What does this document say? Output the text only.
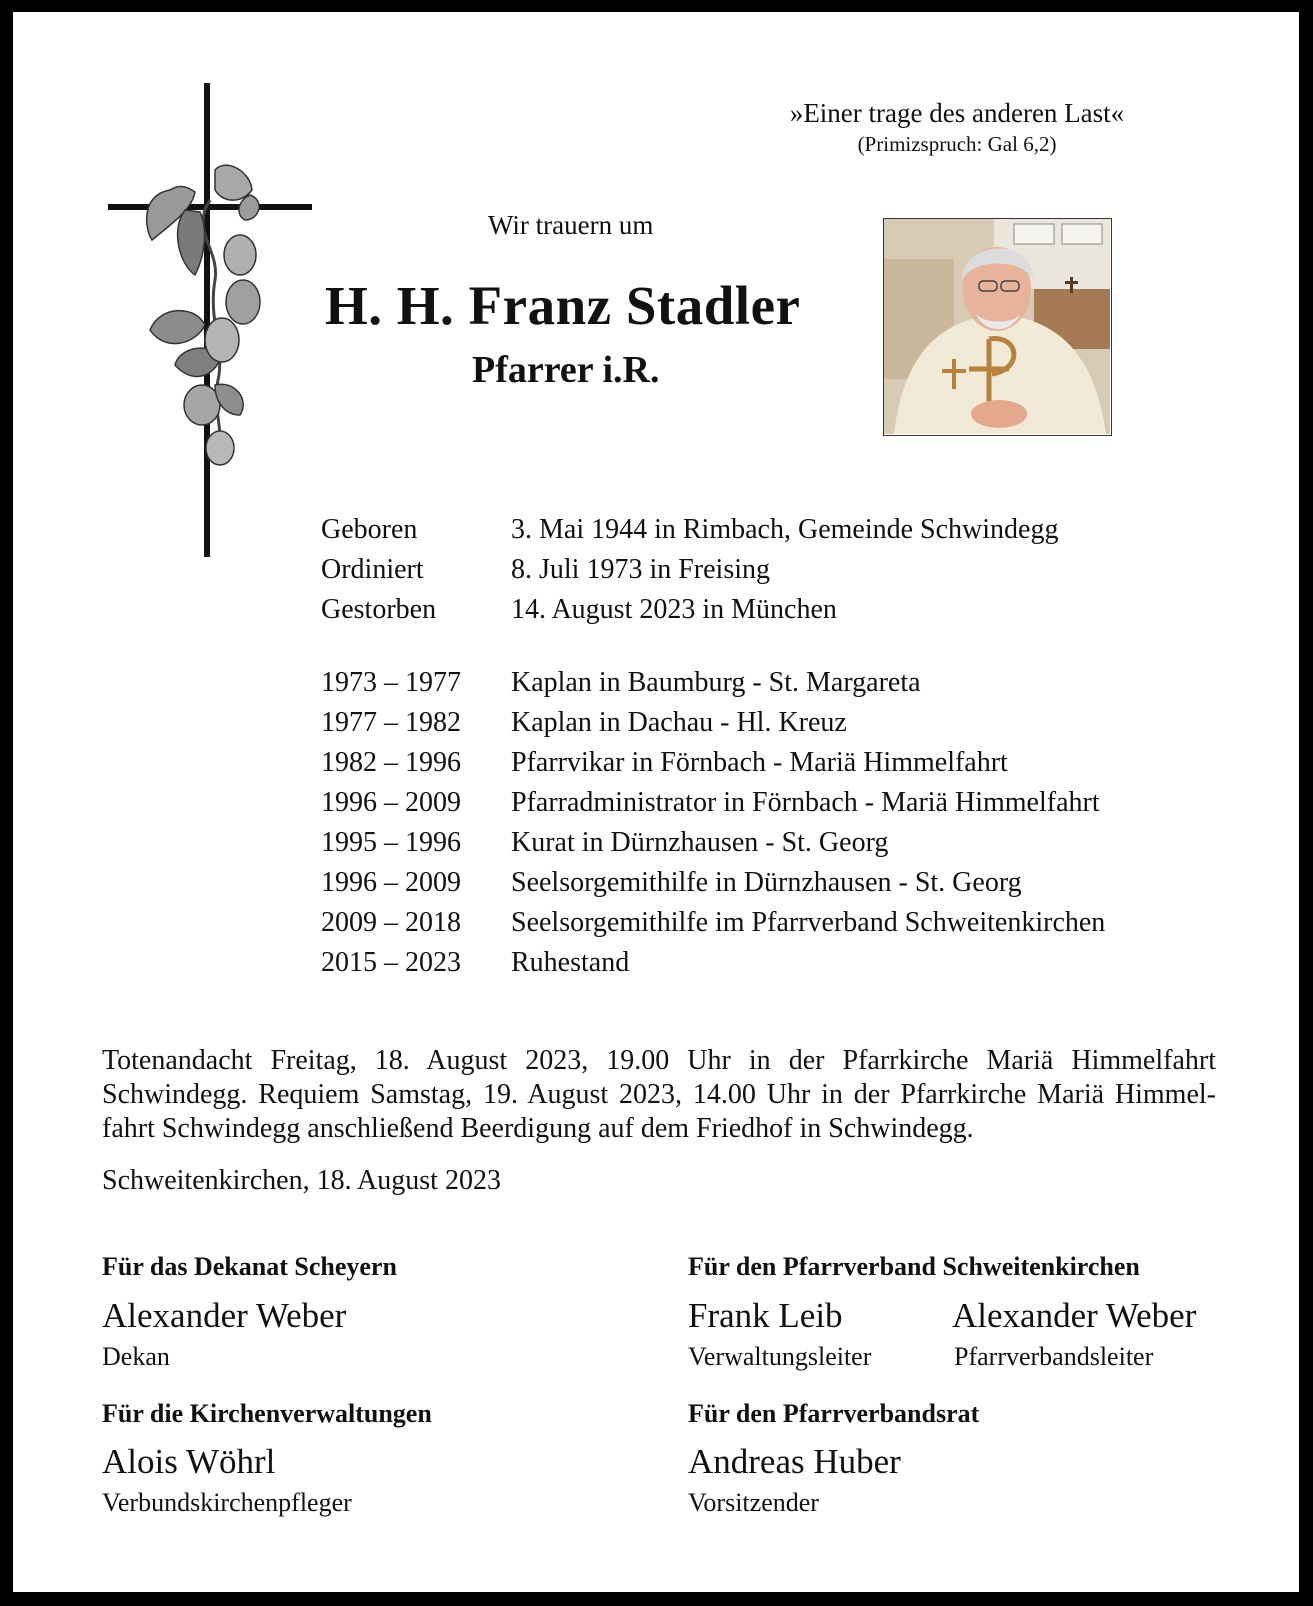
»Einer trage des anderen Last«
(Primizspruch: Gal 6,2)
Wir trauern um
H. H. Franz Stadler
Pfarrer i.R.
Geboren	3. Mai 1944 in Rimbach, Gemeinde Schwindegg
Ordiniert	8. Juli 1973 in Freising
Gestorben	14. August 2023 in München
1973 – 1977	Kaplan in Baumburg - St. Margareta
1977 – 1982	Kaplan in Dachau - Hl. Kreuz
1982 – 1996	Pfarrvikar in Förnbach - Mariä Himmelfahrt
1996 – 2009	Pfarradministrator in Förnbach - Mariä Himmelfahrt
1995 – 1996	Kurat in Dürnzhausen - St. Georg
1996 – 2009	Seelsorgemithilfe in Dürnzhausen - St. Georg
2009 – 2018	Seelsorgemithilfe im Pfarrverband Schweitenkirchen
2015 – 2023	Ruhestand
Totenandacht Freitag, 18. August 2023, 19.00 Uhr in der Pfarrkirche Mariä Himmelfahrt
Schwindegg. Requiem Samstag, 19. August 2023, 14.00 Uhr in der Pfarrkirche Mariä Himmel-
fahrt Schwindegg anschließend Beerdigung auf dem Friedhof in Schwindegg.
Schweitenkirchen, 18. August 2023
Für das Dekanat Scheyern
Alexander Weber
Dekan
Für den Pfarrverband Schweitenkirchen
Frank Leib
Verwaltungsleiter
Alexander Weber
Pfarrverbandsleiter
Für die Kirchenverwaltungen
Alois Wöhrl
Verbundskirchenpfleger
Für den Pfarrverbandsrat
Andreas Huber
Vorsitzender
